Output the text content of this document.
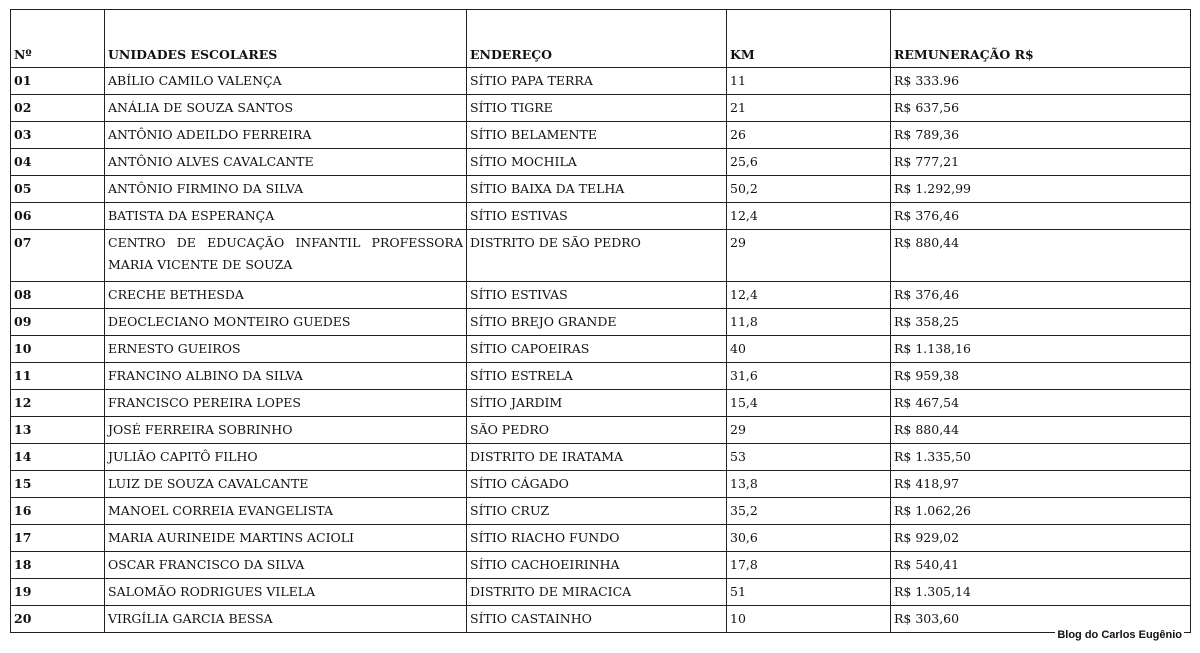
Nº	UNIDADES ESCOLARES	ENDEREÇO	KM	REMUNERAÇÃO R$
01	ABÍLIO CAMILO VALENÇA	SÍTIO PAPA TERRA	11	R$ 333.96
02	ANÁLIA DE SOUZA SANTOS	SÍTIO TIGRE	21	R$ 637,56
03	ANTÔNIO ADEILDO FERREIRA	SÍTIO BELAMENTE	26	R$ 789,36
04	ANTÔNIO ALVES CAVALCANTE	SÍTIO MOCHILA	25,6	R$ 777,21
05	ANTÔNIO FIRMINO DA SILVA	SÍTIO BAIXA DA TELHA	50,2	R$ 1.292,99
06	BATISTA DA ESPERANÇA	SÍTIO ESTIVAS	12,4	R$ 376,46
07	CENTRO DE EDUCAÇÃO INFANTIL PROFESSORA MARIA VICENTE DE SOUZA	DISTRITO DE SÃO PEDRO	29	R$ 880,44
08	CRECHE BETHESDA	SÍTIO ESTIVAS	12,4	R$ 376,46
09	DEOCLECIANO MONTEIRO GUEDES	SÍTIO BREJO GRANDE	11,8	R$ 358,25
10	ERNESTO GUEIROS	SÍTIO CAPOEIRAS	40	R$ 1.138,16
11	FRANCINO ALBINO DA SILVA	SÍTIO ESTRELA	31,6	R$ 959,38
12	FRANCISCO PEREIRA LOPES	SÍTIO JARDIM	15,4	R$ 467,54
13	JOSÉ FERREIRA SOBRINHO	SÃO PEDRO	29	R$ 880,44
14	JULIÃO CAPITÔ FILHO	DISTRITO DE IRATAMA	53	R$ 1.335,50
15	LUIZ DE SOUZA CAVALCANTE	SÍTIO CÁGADO	13,8	R$ 418,97
16	MANOEL CORREIA EVANGELISTA	SÍTIO CRUZ	35,2	R$ 1.062,26
17	MARIA AURINEIDE MARTINS ACIOLI	SÍTIO RIACHO FUNDO	30,6	R$ 929,02
18	OSCAR FRANCISCO DA SILVA	SÍTIO CACHOEIRINHA	17,8	R$ 540,41
19	SALOMÃO RODRIGUES VILELA	DISTRITO DE MIRACICA	51	R$ 1.305,14
20	VIRGÍLIA GARCIA BESSA	SÍTIO CASTAINHO	10	R$ 303,60
Blog do Carlos Eugênio
